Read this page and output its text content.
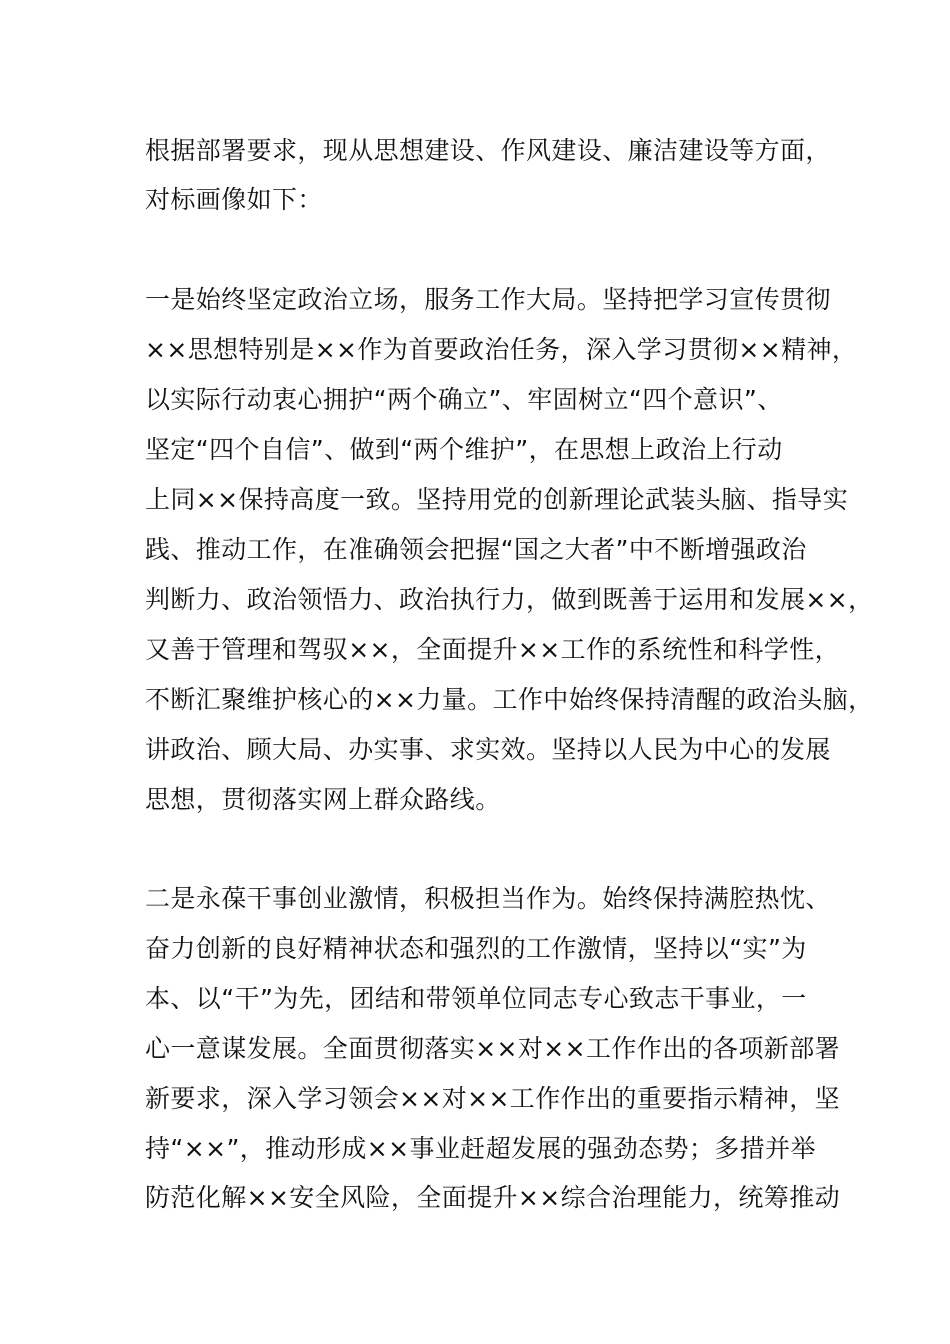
根据部署要求，现从思想建设、作风建设、廉洁建设等方面，
对标画像如下：
一是始终坚定政治立场，服务工作大局。坚持把学习宣传贯彻
××思想特别是××作为首要政治任务，深入学习贯彻××精神，
以实际行动衷心拥护“两个确立”、牢固树立“四个意识”、
坚定“四个自信”、做到“两个维护”，在思想上政治上行动
上同××保持高度一致。坚持用党的创新理论武装头脑、指导实
践、推动工作，在准确领会把握“国之大者”中不断增强政治
判断力、政治领悟力、政治执行力，做到既善于运用和发展××，
又善于管理和驾驭××，全面提升××工作的系统性和科学性，
不断汇聚维护核心的××力量。工作中始终保持清醒的政治头脑，
讲政治、顾大局、办实事、求实效。坚持以人民为中心的发展
思想，贯彻落实网上群众路线。
二是永葆干事创业激情，积极担当作为。始终保持满腔热忱、
奋力创新的良好精神状态和强烈的工作激情，坚持以“实”为
本、以“干”为先，团结和带领单位同志专心致志干事业，一
心一意谋发展。全面贯彻落实××对××工作作出的各项新部署
新要求，深入学习领会××对××工作作出的重要指示精神，坚
持“××”，推动形成××事业赶超发展的强劲态势；多措并举
防范化解××安全风险，全面提升××综合治理能力，统筹推动
